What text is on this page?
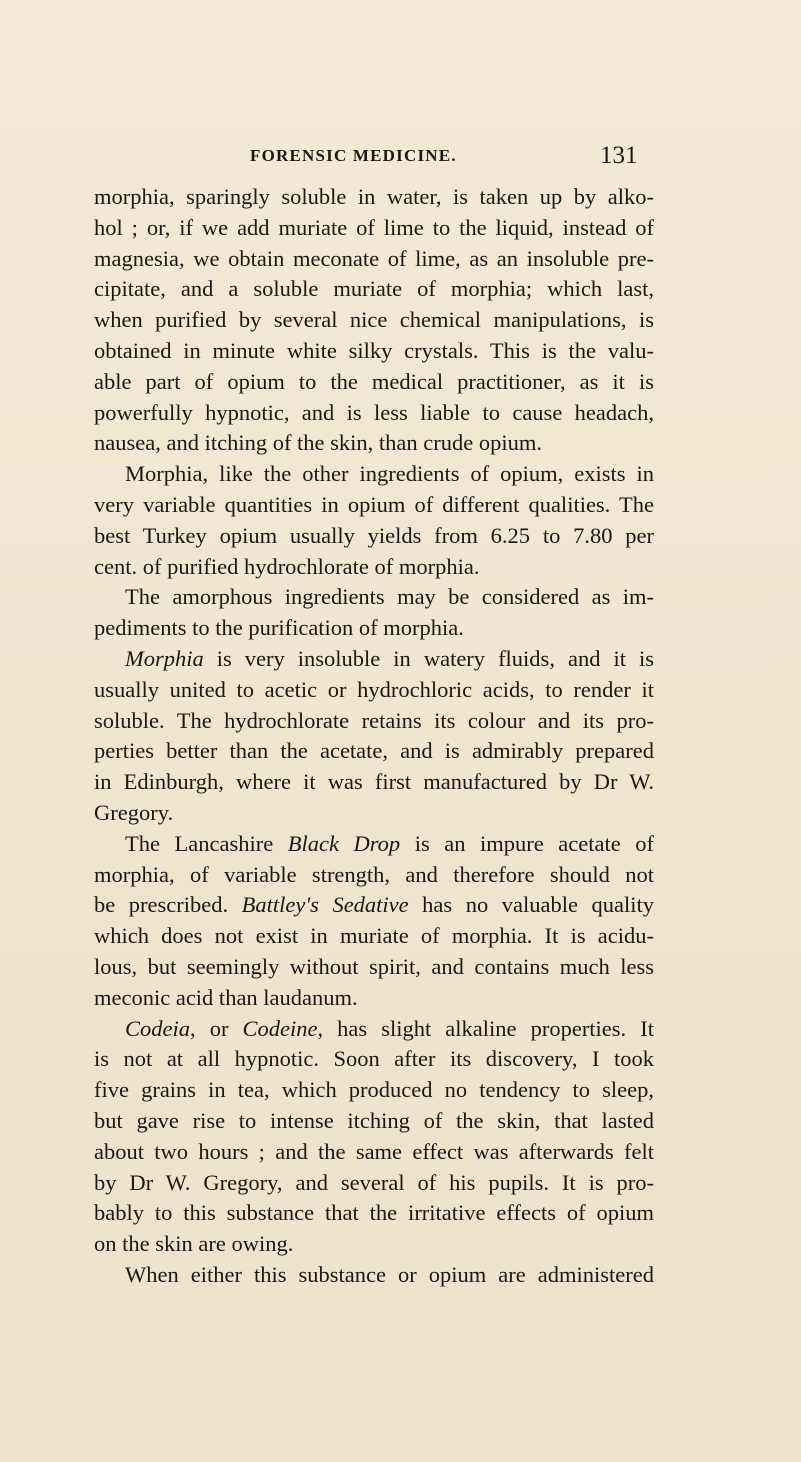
FORENSIC MEDICINE.	131
morphia, sparingly soluble in water, is taken up by alko-
hol ; or, if we add muriate of lime to the liquid, instead of
magnesia, we obtain meconate of lime, as an insoluble pre-
cipitate, and a soluble muriate of morphia; which last,
when purified by several nice chemical manipulations, is
obtained in minute white silky crystals. This is the valu-
able part of opium to the medical practitioner, as it is
powerfully hypnotic, and is less liable to cause headach,
nausea, and itching of the skin, than crude opium.
Morphia, like the other ingredients of opium, exists in
very variable quantities in opium of different qualities. The
best Turkey opium usually yields from 6.25 to 7.80 per
cent. of purified hydrochlorate of morphia.
The amorphous ingredients may be considered as im-
pediments to the purification of morphia.
Morphia is very insoluble in watery fluids, and it is
usually united to acetic or hydrochloric acids, to render it
soluble. The hydrochlorate retains its colour and its pro-
perties better than the acetate, and is admirably prepared
in Edinburgh, where it was first manufactured by Dr W.
Gregory.
The Lancashire Black Drop is an impure acetate of
morphia, of variable strength, and therefore should not
be prescribed. Battley's Sedative has no valuable quality
which does not exist in muriate of morphia. It is acidu-
lous, but seemingly without spirit, and contains much less
meconic acid than laudanum.
Codeia, or Codeine, has slight alkaline properties. It
is not at all hypnotic. Soon after its discovery, I took
five grains in tea, which produced no tendency to sleep,
but gave rise to intense itching of the skin, that lasted
about two hours ; and the same effect was afterwards felt
by Dr W. Gregory, and several of his pupils. It is pro-
bably to this substance that the irritative effects of opium
on the skin are owing.
When either this substance or opium are administered
